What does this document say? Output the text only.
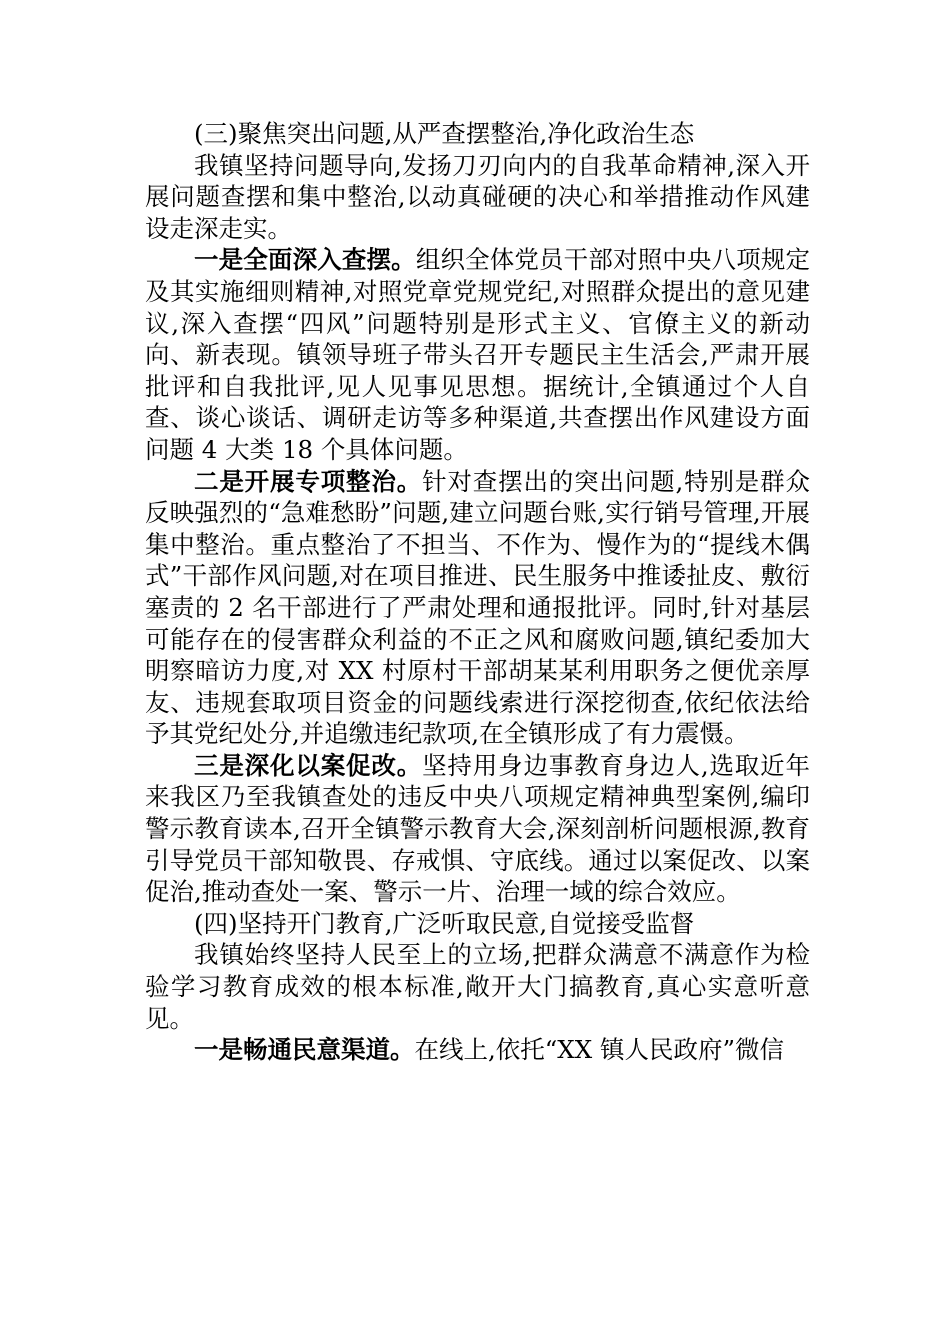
(三)聚焦突出问题,从严查摆整治,净化政治生态

我镇坚持问题导向,发扬刀刃向内的自我革命精神,深入开展问题查摆和集中整治,以动真碰硬的决心和举措推动作风建设走深走实。

一是全面深入查摆。组织全体党员干部对照中央八项规定及其实施细则精神,对照党章党规党纪,对照群众提出的意见建议,深入查摆“四风”问题特别是形式主义、官僚主义的新动向、新表现。镇领导班子带头召开专题民主生活会,严肃开展批评和自我批评,见人见事见思想。据统计,全镇通过个人自查、谈心谈话、调研走访等多种渠道,共查摆出作风建设方面问题 4 大类 18 个具体问题。

二是开展专项整治。针对查摆出的突出问题,特别是群众反映强烈的“急难愁盼”问题,建立问题台账,实行销号管理,开展集中整治。重点整治了不担当、不作为、慢作为的“提线木偶式”干部作风问题,对在项目推进、民生服务中推诿扯皮、敷衍塞责的 2 名干部进行了严肃处理和通报批评。同时,针对基层可能存在的侵害群众利益的不正之风和腐败问题,镇纪委加大明察暗访力度,对 XX 村原村干部胡某某利用职务之便优亲厚友、违规套取项目资金的问题线索进行深挖彻查,依纪依法给予其党纪处分,并追缴违纪款项,在全镇形成了有力震慑。

三是深化以案促改。坚持用身边事教育身边人,选取近年来我区乃至我镇查处的违反中央八项规定精神典型案例,编印警示教育读本,召开全镇警示教育大会,深刻剖析问题根源,教育引导党员干部知敬畏、存戒惧、守底线。通过以案促改、以案促治,推动查处一案、警示一片、治理一域的综合效应。

(四)坚持开门教育,广泛听取民意,自觉接受监督

我镇始终坚持人民至上的立场,把群众满意不满意作为检验学习教育成效的根本标准,敞开大门搞教育,真心实意听意见。

一是畅通民意渠道。在线上,依托“XX 镇人民政府”微信
